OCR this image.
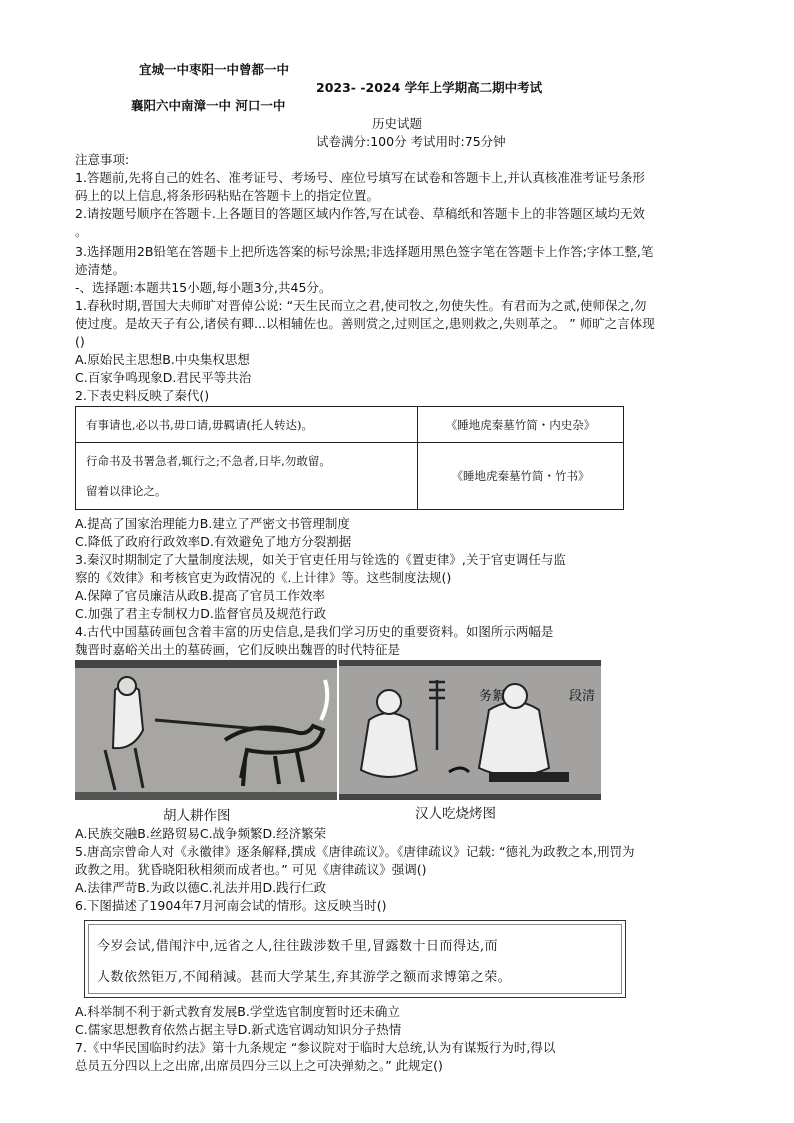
宜城一中枣阳一中曾都一中
2023- -2024 学年上学期高二期中考试
襄阳六中南漳一中 河口一中
历史试题
试卷满分:100分 考试用时:75分钟
注意事项:
1.答题前,先将自己的姓名、准考证号、考场号、座位号填写在试卷和答题卡上,并认真核准准考证号条形
码上的以上信息,将条形码粘贴在答题卡上的指定位置。
2.请按题号顺序在答题卡.上各题目的答题区域内作答,写在试卷、草稿纸和答题卡上的非答题区域均无效
。
3.选择题用2B铅笔在答题卡上把所选答案的标号涂黑;非选择题用黑色签字笔在答题卡上作答;字体工整,笔
迹清楚。
-、选择题:本题共15小题,每小题3分,共45分。
1.春秋时期,晋国大夫师旷对晋倬公说: “天生民而立之君,使司牧之,勿使失性。有君而为之贰,使师保之,勿
使过度。是故天子有公,诸侯有卿...以相辅佐也。善则赏之,过则匡之,患则救之,失则革之。 ” 师旷之言体现
()
A.原始民主思想B.中央集权思想
C.百家争鸣现象D.君民平等共治
2.下表史料反映了秦代()
有事请也,必以书,毋口请,毋羁请(托人转达)。	《睡地虎秦墓竹简・内史杂》

行命书及书署急者,辄行之;不急者,日毕,勿敢留。
留着以律论之。	《睡地虎秦墓竹简・竹书》
A.提高了国家治理能力B.建立了严密文书管理制度
C.降低了政府行政效率D.有效避免了地方分裂割据
3.秦汉时期制定了大量制度法规，如关于官吏任用与铨选的《置吏律》,关于官吏调任与监
察的《效律》和考核官吏为政情况的《.上计律》等。这些制度法规()
A.保障了官员廉洁从政B.提高了官员工作效率
C.加强了君主专制权力D.监督官员及规范行政
4.古代中国墓砖画包含着丰富的历史信息,是我们学习历史的重要资料。如图所示两幅是
魏晋时嘉峪关出土的墓砖画，它们反映出魏晋的时代特征是
段清
务絮
胡人耕作图	汉人吃烧烤图
A.民族交融B.丝路贸易C.战争频繁D.经济繁荣
5.唐高宗曾命人对《永徽律》逐条解释,撰成《唐律疏议》。《唐律疏议》记载: “德礼为政教之本,刑罚为
政教之用。犹昏晓阳秋相须而成者也。” 可见《唐律疏议》强调()
A.法律严苛B.为政以德C.礼法并用D.践行仁政
6.下图描述了1904年7月河南会试的情形。这反映当时()
今岁会试,借闱汴中,远省之人,往往跋涉数千里,冒露数十日而得达,而
人数依然钜万,不闻稍減。甚而大学某生,弃其游学之额而求博第之荣。
A.科举制不利于新式教育发展B.学堂选官制度暂时还未确立
C.儒家思想教育依然占据主导D.新式选官调动知识分子热情
7.《中华民国临时约法》第十九条规定 “参议院对于临时大总统,认为有谋叛行为时,得以
总员五分四以上之出席,出席员四分三以上之可决弹劾之。” 此规定()
